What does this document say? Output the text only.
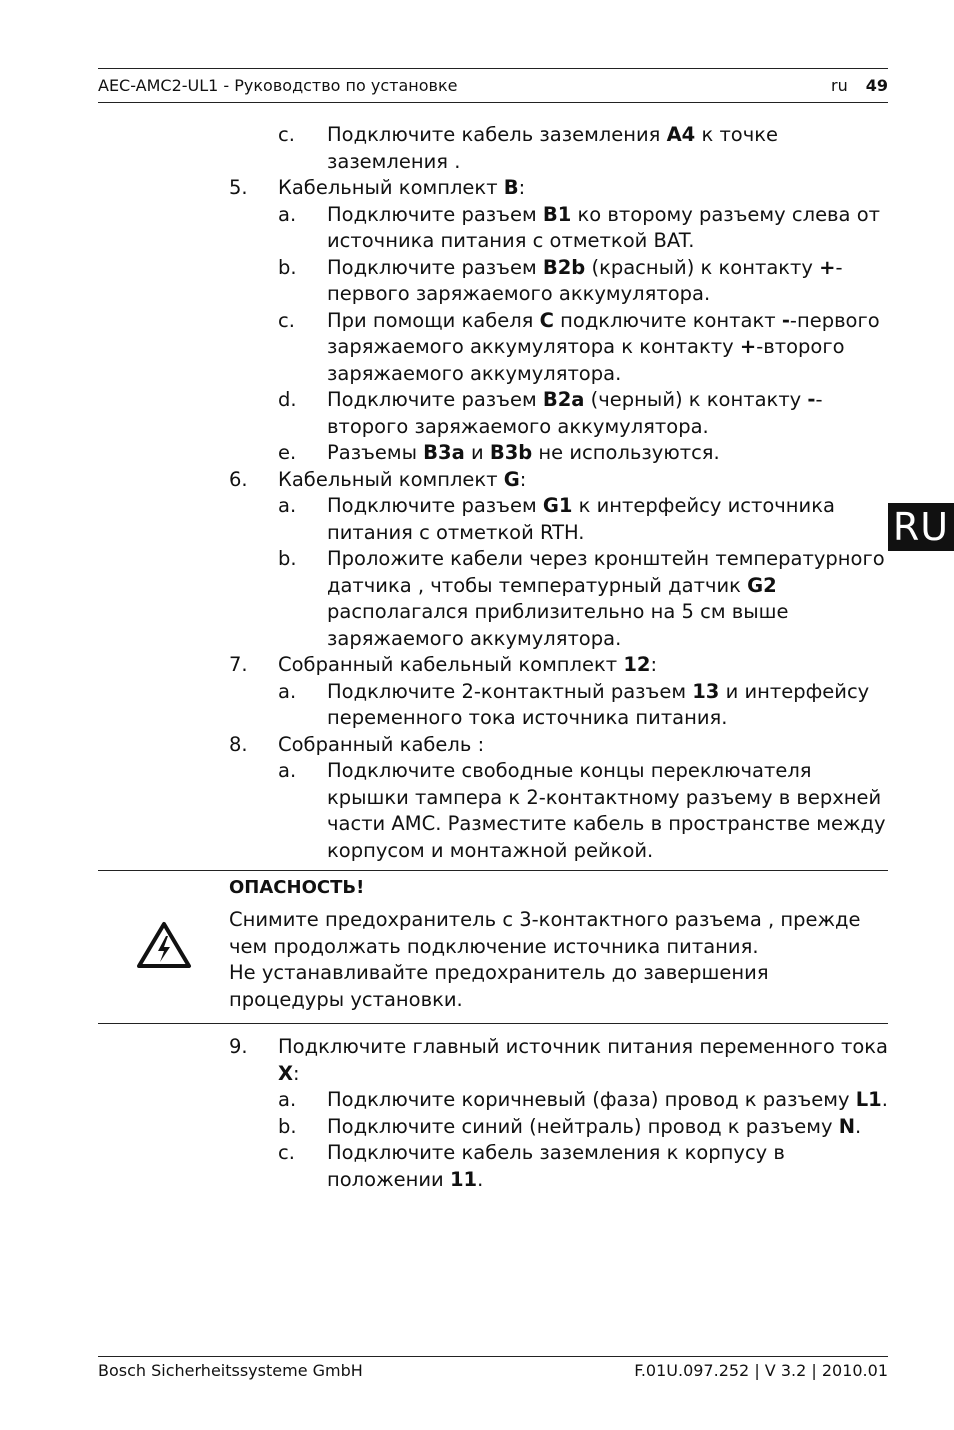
AEC-AMC2-UL1 - Руководство по установке	ru 49
RU
c. Подключите кабель заземления A4 к точке заземления .
5. Кабельный комплект B:
a. Подключите разъем B1 ко второму разъему слева от источника питания с отметкой BAT.
b. Подключите разъем B2b (красный) к контакту +- первого заряжаемого аккумулятора.
c. При помощи кабеля C подключите контакт --первого заряжаемого аккумулятора к контакту +-второго заряжаемого аккумулятора.
d. Подключите разъем B2a (черный) к контакту -- второго заряжаемого аккумулятора.
e. Разъемы B3a и B3b не используются.
6. Кабельный комплект G:
a. Подключите разъем G1 к интерфейсу источника питания с отметкой RTH.
b. Проложите кабели через кронштейн температурного датчика , чтобы температурный датчик G2 располагался приблизительно на 5 см выше заряжаемого аккумулятора.
7. Собранный кабельный комплект 12:
a. Подключите 2-контактный разъем 13 и интерфейсу переменного тока источника питания.
8. Собранный кабель :
a. Подключите свободные концы переключателя крышки тампера к 2-контактному разъему в верхней части AMC. Разместите кабель в пространстве между корпусом и монтажной рейкой.
ОПАСНОСТЬ!
Снимите предохранитель с 3-контактного разъема , прежде чем продолжать подключение источника питания.
Не устанавливайте предохранитель до завершения процедуры установки.
9. Подключите главный источник питания переменного тока X:
a. Подключите коричневый (фаза) провод к разъему L1.
b. Подключите синий (нейтраль) провод к разъему N.
c. Подключите кабель заземления к корпусу в положении 11.
Bosch Sicherheitssysteme GmbH	F.01U.097.252 | V 3.2 | 2010.01
